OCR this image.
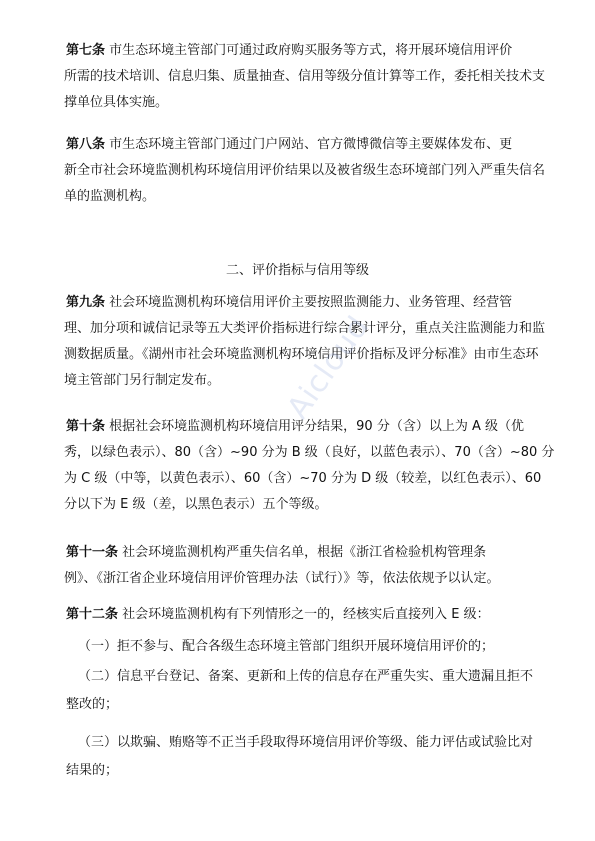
第七条 市生态环境主管部门可通过政府购买服务等方式，将开展环境信用评价
所需的技术培训、信息归集、质量抽查、信用等级分值计算等工作，委托相关技术支
撑单位具体实施。
第八条 市生态环境主管部门通过门户网站、官方微博微信等主要媒体发布、更
新全市社会环境监测机构环境信用评价结果以及被省级生态环境部门列入严重失信名
单的监测机构。

二、评价指标与信用等级

第九条 社会环境监测机构环境信用评价主要按照监测能力、业务管理、经营管
理、加分项和诚信记录等五大类评价指标进行综合累计评分，重点关注监测能力和监
测数据质量。《湖州市社会环境监测机构环境信用评价指标及评分标准》由市生态环
境主管部门另行制定发布。
第十条 根据社会环境监测机构环境信用评分结果，90 分（含）以上为 A 级（优
秀，以绿色表示）、80（含）~90 分为 B 级（良好，以蓝色表示）、70（含）~80 分
为 C 级（中等，以黄色表示）、60（含）~70 分为 D 级（较差，以红色表示）、60
分以下为 E 级（差，以黑色表示）五个等级。
第十一条 社会环境监测机构严重失信名单，根据《浙江省检验机构管理条
例》、《浙江省企业环境信用评价管理办法（试行）》等，依法依规予以认定。
第十二条 社会环境监测机构有下列情形之一的，经核实后直接列入 E 级：

（一）拒不参与、配合各级生态环境主管部门组织开展环境信用评价的；

（二）信息平台登记、备案、更新和上传的信息存在严重失实、重大遗漏且拒不

整改的；

（三）以欺骗、贿赂等不正当手段取得环境信用评价等级、能力评估或试验比对

结果的；

Aicloud
